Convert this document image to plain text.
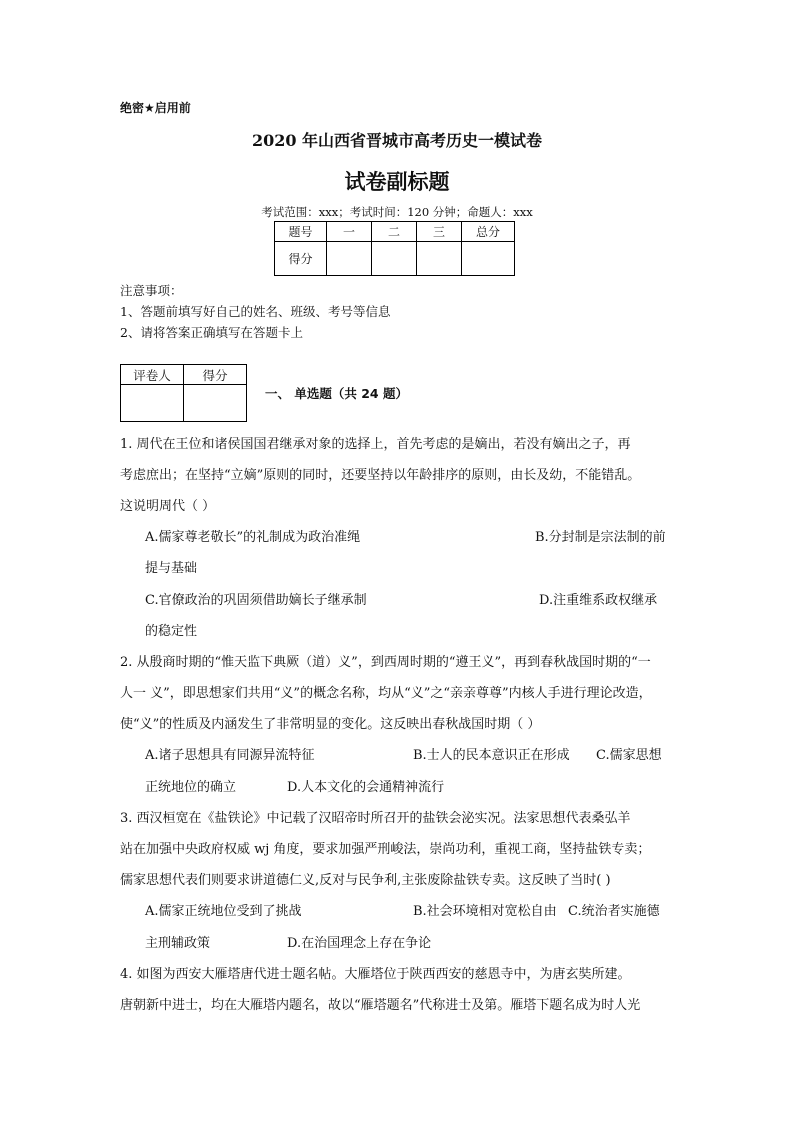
绝密★启用前
2020 年山西省晋城市高考历史一模试卷
试卷副标题
考试范围：xxx；考试时间：120 分钟；命题人：xxx
题号	一	二	三	总分
得分				
注意事项：
1、答题前填写好自己的姓名、班级、考号等信息
2、请将答案正确填写在答题卡上
评卷人	得分

一、 单选题（共 24 题）
1. 周代在王位和诸侯国国君继承对象的选择上，首先考虑的是嫡出，若没有嫡出之子，再
考虑庶出；在坚持“立嫡”原则的同时，还要坚持以年龄排序的原则，由长及幼，不能错乱。
这说明周代（ ）
A.儒家尊老敬长”的礼制成为政治准绳	B.分封制是宗法制的前
提与基础
C.官僚政治的巩固须借助嫡长子继承制	D.注重维系政权继承
的稳定性
2. 从殷商时期的“惟天监下典厥（道）义”，到西周时期的“遵王义”，再到春秋战国时期的“一
人一 义”，即思想家们共用“义”的概念名称，均从“义”之“亲亲尊尊”内核人手进行理论改造，
使“义”的性质及内涵发生了非常明显的变化。这反映出春秋战国时期（ ）
A.诸子思想具有同源异流特征	B.士人的民本意识正在形成 C.儒家思想
正统地位的确立	D.人本文化的会通精神流行
3. 西汉桓宽在《盐铁论》中记载了汉昭帝时所召开的盐铁会泌实况。法家思想代表桑弘羊
站在加强中央政府权威 wj 角度，要求加强严刑峻法，崇尚功利，重视工商，坚持盐铁专卖；
儒家思想代表们则要求讲道德仁义,反对与民争利,主张废除盐铁专卖。这反映了当时( )
A.儒家正统地位受到了挑战	B.社会环境相对宽松自由 C.统治者实施德
主刑辅政策	D.在治国理念上存在争论
4. 如图为西安大雁塔唐代进士题名帖。大雁塔位于陕西西安的慈恩寺中，为唐玄奘所建。
唐朝新中进士，均在大雁塔内题名，故以“雁塔题名”代称进士及第。雁塔下题名成为时人光
